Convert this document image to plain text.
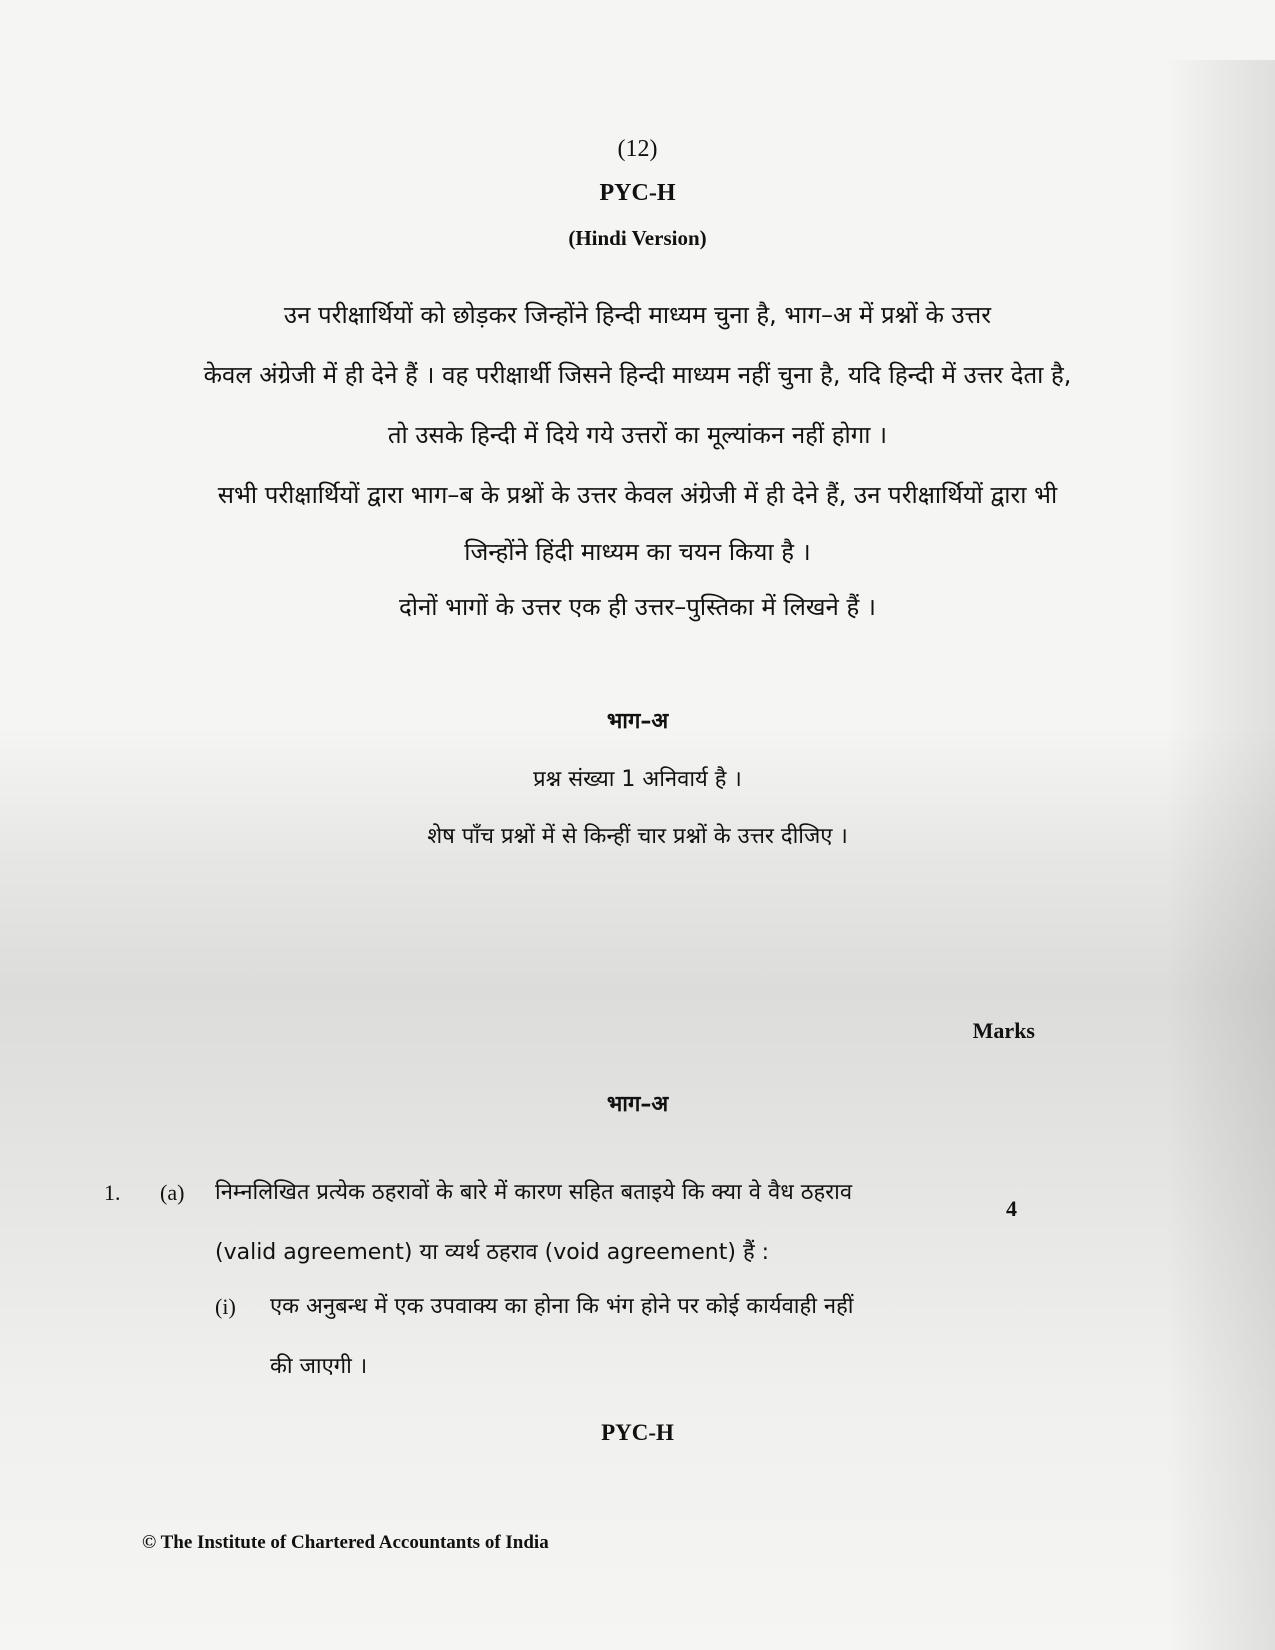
(12)
PYC-H
(Hindi Version)
उन परीक्षार्थियों को छोड़कर जिन्होंने हिन्दी माध्यम चुना है, भाग–अ में प्रश्नों के उत्तर
केवल अंग्रेजी में ही देने हैं । वह परीक्षार्थी जिसने हिन्दी माध्यम नहीं चुना है, यदि हिन्दी में उत्तर देता है,
तो उसके हिन्दी में दिये गये उत्तरों का मूल्यांकन नहीं होगा ।
सभी परीक्षार्थियों द्वारा भाग–ब के प्रश्नों के उत्तर केवल अंग्रेजी में ही देने हैं, उन परीक्षार्थियों द्वारा भी
जिन्होंने हिंदी माध्यम का चयन किया है ।
दोनों भागों के उत्तर एक ही उत्तर–पुस्तिका में लिखने हैं ।
भाग–अ
प्रश्न संख्या 1 अनिवार्य है ।
शेष पाँच प्रश्नों में से किन्हीं चार प्रश्नों के उत्तर दीजिए ।
Marks
भाग–अ
1. (a) निम्नलिखित प्रत्येक ठहरावों के बारे में कारण सहित बताइये कि क्या वे वैध ठहराव
4
(valid agreement) या व्यर्थ ठहराव (void agreement) हैं :
(i) एक अनुबन्ध में एक उपवाक्य का होना कि भंग होने पर कोई कार्यवाही नहीं
की जाएगी ।
PYC-H
© The Institute of Chartered Accountants of India
